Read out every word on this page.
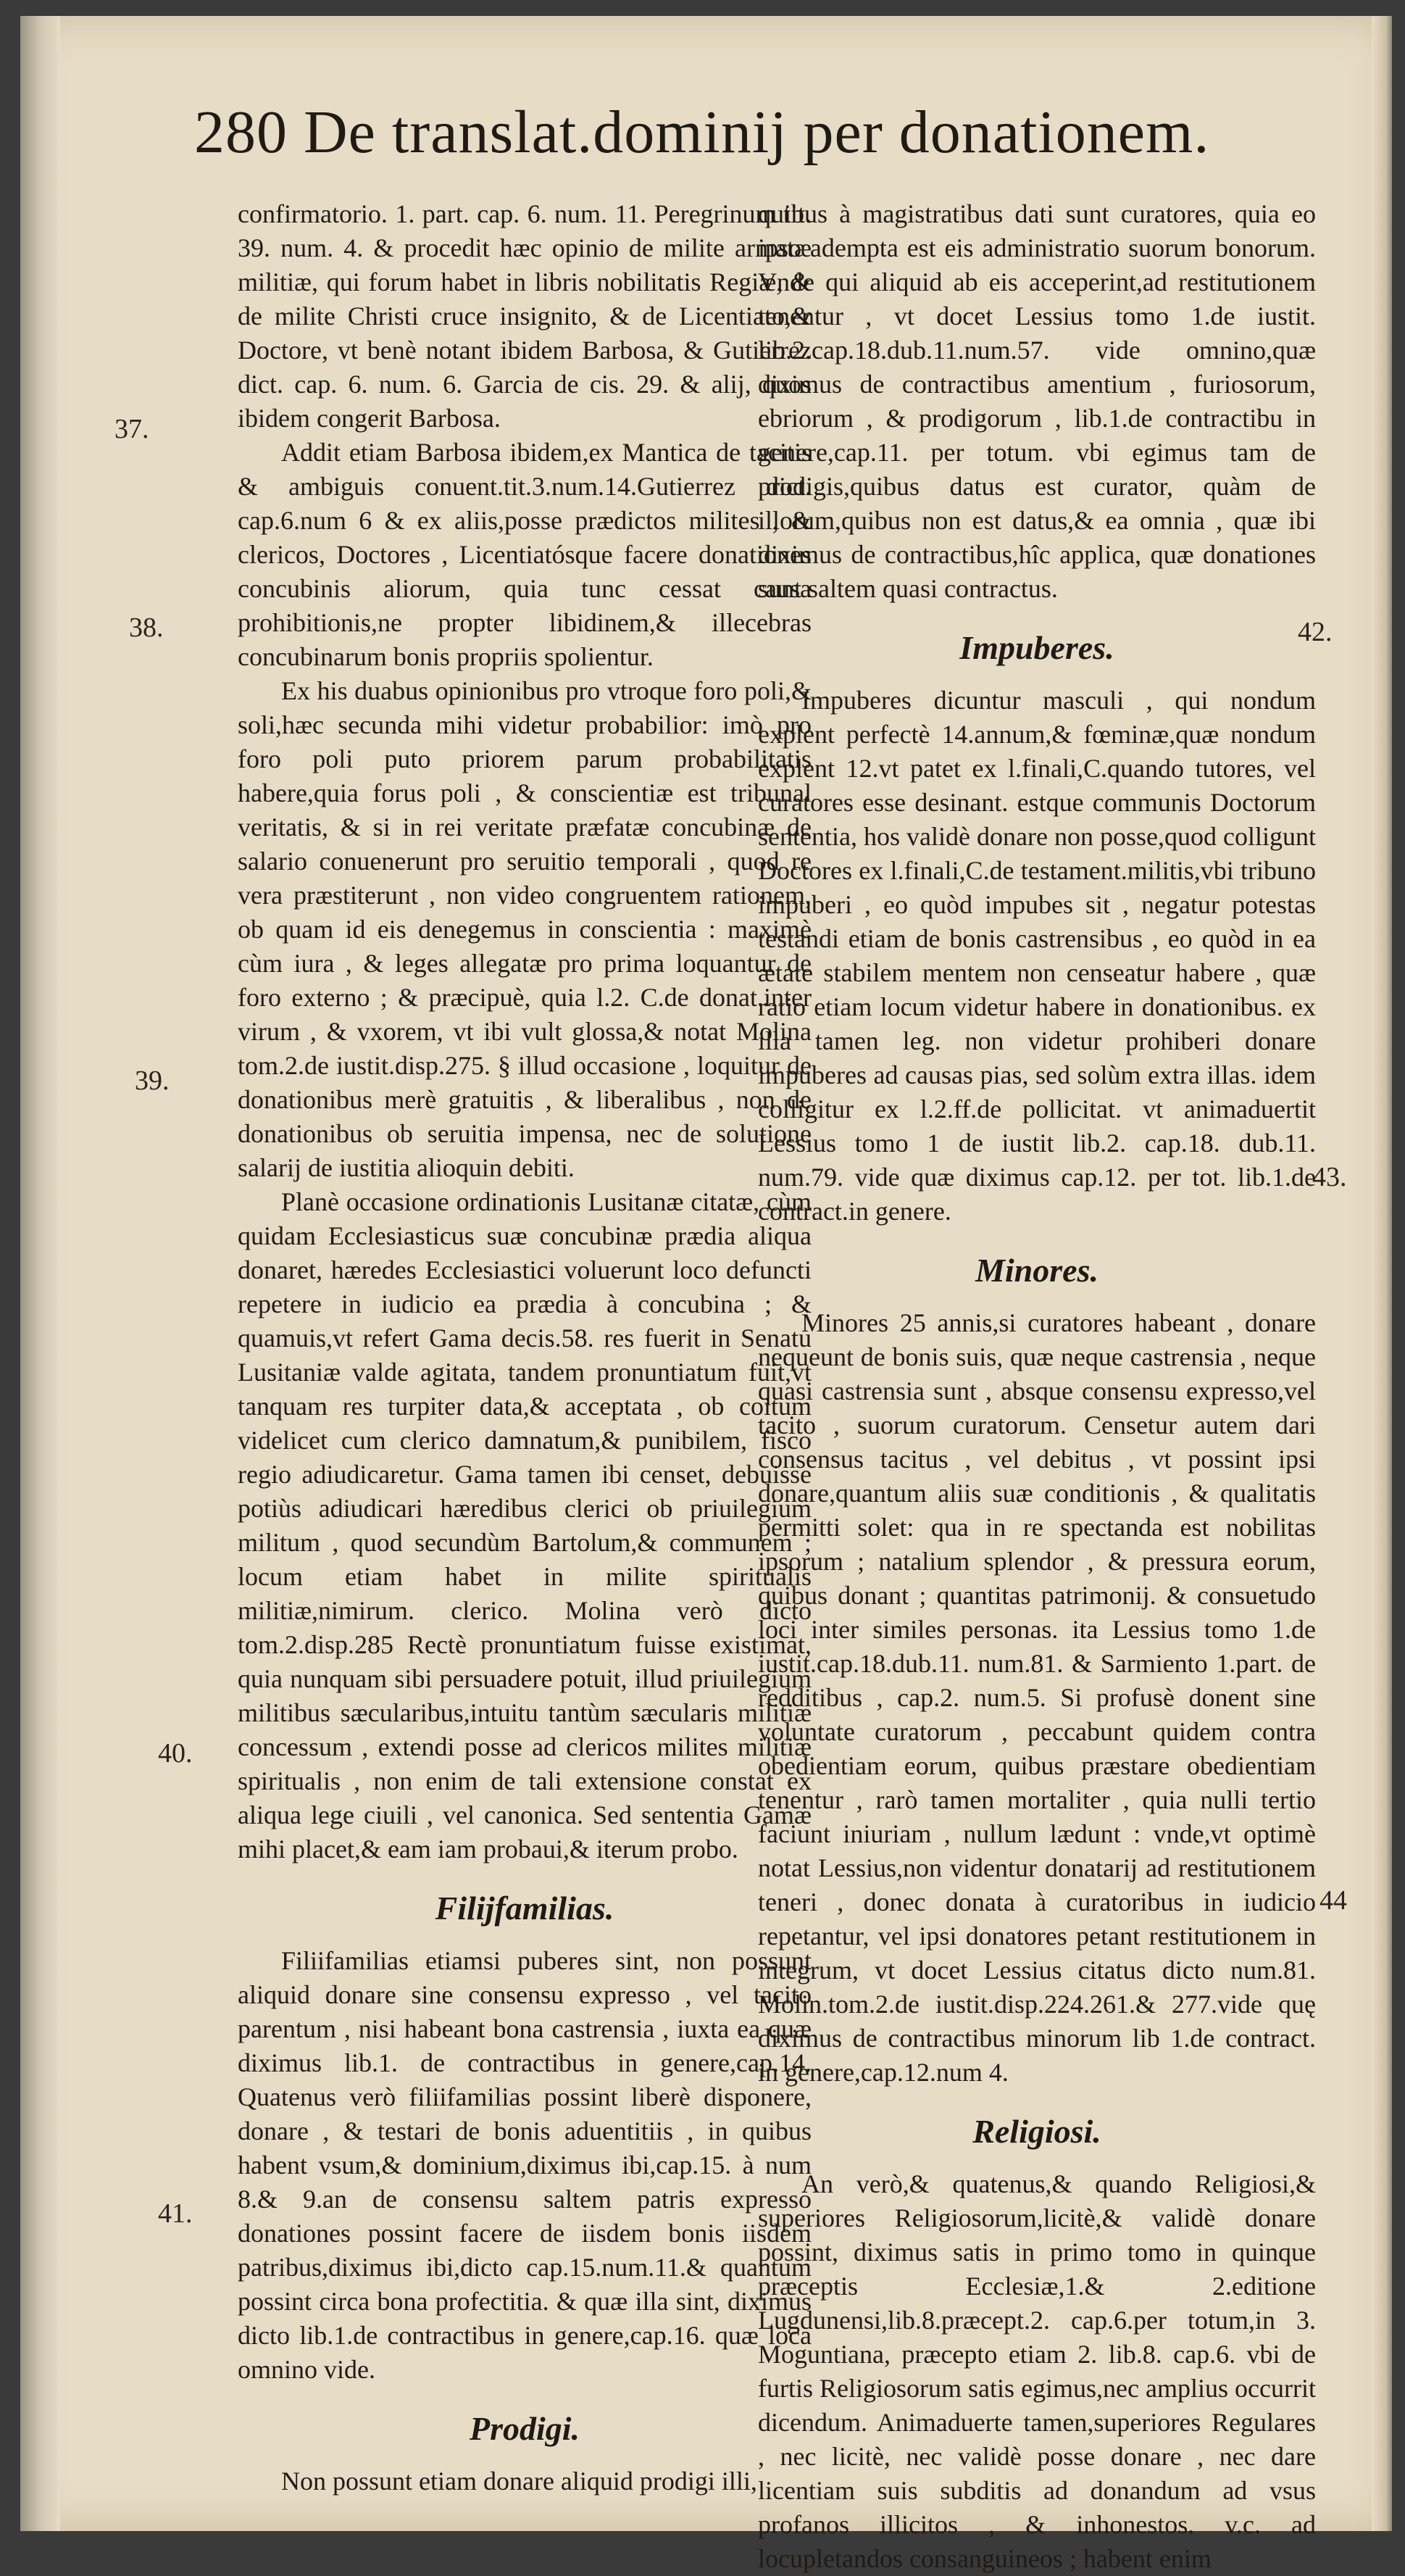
280 De translat.dominij per donationem.
37.
38.
39.
40.
41.
42.
43.
44

confirmatorio. 1. part. cap. 6. num. 11. Peregrinum tit. 39. num. 4. & procedit hæc opinio de milite armatæ militiæ, qui forum habet in libris nobilitatis Regiæ, & de milite Christi cruce insignito, & de Licentiato,& Doctore, vt benè notant ibidem Barbosa, & Gutierrez dict. cap. 6. num. 6. Garcia de cis. 29. & alij, quos ibidem congerit Barbosa.

Addit etiam Barbosa ibidem,ex Mantica de tacitis & ambiguis conuent.tit.3.num.14.Gutierrez dict. cap.6.num 6 & ex aliis,posse prædictos milites , & clericos, Doctores , Licentiatósque facere donationes concubinis aliorum, quia tunc cessat causa prohibitionis,ne propter libidinem,& illecebras concubinarum bonis propriis spolientur.

Ex his duabus opinionibus pro vtroque foro poli,& soli,hæc secunda mihi videtur probabilior: imò pro foro poli puto priorem parum probabilitatis habere,quia forus poli , & conscientiæ est tribunal veritatis, & si in rei veritate præfatæ concubinæ de salario conuenerunt pro seruitio temporali , quod re vera præstiterunt , non video congruentem rationem, ob quam id eis denegemus in conscientia : maximè cùm iura , & leges allegatæ pro prima loquantur de foro externo ; & præcipuè, quia l.2. C.de donat.inter virum , & vxorem, vt ibi vult glossa,& notat Molina tom.2.de iustit.disp.275. § illud occasione , loquitur de donationibus merè gratuitis , & liberalibus , non de donationibus ob seruitia impensa, nec de solutione salarij de iustitia alioquin debiti.

Planè occasione ordinationis Lusitanæ citatæ, cùm quidam Ecclesiasticus suæ concubinæ prædia aliqua donaret, hæredes Ecclesiastici voluerunt loco defuncti repetere in iudicio ea prædia à concubina ; & quamuis,vt refert Gama decis.58. res fuerit in Senatu Lusitaniæ valde agitata, tandem pronuntiatum fuit,vt tanquam res turpiter data,& acceptata , ob coitum videlicet cum clerico damnatum,& punibilem, fisco regio adiudicaretur. Gama tamen ibi censet, debuisse potiùs adiudicari hæredibus clerici ob priuilegium militum , quod secundùm Bartolum,& communem ; locum etiam habet in milite spiritualis militiæ,nimirum. clerico. Molina verò dicto tom.2.disp.285 Rectè pronuntiatum fuisse existimat, quia nunquam sibi persuadere potuit, illud priuilegium militibus sæcularibus,intuitu tantùm sæcularis militiæ concessum , extendi posse ad clericos milites militiæ spiritualis , non enim de tali extensione constat ex aliqua lege ciuili , vel canonica. Sed sententia Gamæ mihi placet,& eam iam probaui,& iterum probo.

Filijfamilias.

Filiifamilias etiamsi puberes sint, non possunt aliquid donare sine consensu expresso , vel tacito parentum , nisi habeant bona castrensia , iuxta ea quæ diximus lib.1. de contractibus in genere,cap.14. Quatenus verò filiifamilias possint liberè disponere, donare , & testari de bonis aduentitiis , in quibus habent vsum,& dominium,diximus ibi,cap.15. à num 8.& 9.an de consensu saltem patris expresso donationes possint facere de iisdem bonis iisdem patribus,diximus ibi,dicto cap.15.num.11.& quantum possint circa bona profectitia. & quæ illa sint, diximus dicto lib.1.de contractibus in genere,cap.16. quæ loca omnino vide.

Prodigi.

Non possunt etiam donare aliquid prodigi illi,

quibus à magistratibus dati sunt curatores, quia eo ipso adempta est eis administratio suorum bonorum. Vnde qui aliquid ab eis acceperint,ad restitutionem tenentur , vt docet Lessius tomo 1.de iustit. lib.2.cap.18.dub.11.num.57. vide omnino,quæ diximus de contractibus amentium , furiosorum, ebriorum , & prodigorum , lib.1.de contractibu in genere,cap.11. per totum. vbi egimus tam de prodigis,quibus datus est curator, quàm de illorum,quibus non est datus,& ea omnia , quæ ibi diximus de contractibus,hîc applica, quæ donationes sunt saltem quasi contractus.

Impuberes.

Impuberes dicuntur masculi , qui nondum explent perfectè 14.annum,& fœminæ,quæ nondum explent 12.vt patet ex l.finali,C.quando tutores, vel curatores esse desinant. estque communis Doctorum sententia, hos validè donare non posse,quod colligunt Doctores ex l.finali,C.de testament.militis,vbi tribuno impuberi , eo quòd impubes sit , negatur potestas testandi etiam de bonis castrensibus , eo quòd in ea ætate stabilem mentem non censeatur habere , quæ ratio etiam locum videtur habere in donationibus. ex illa tamen leg. non videtur prohiberi donare impuberes ad causas pias, sed solùm extra illas. idem colligitur ex l.2.ff.de pollicitat. vt animaduertit Lessius tomo 1 de iustit lib.2. cap.18. dub.11. num.79. vide quæ diximus cap.12. per tot. lib.1.de contract.in genere.

Minores.

Minores 25 annis,si curatores habeant , donare nequeunt de bonis suis, quæ neque castrensia , neque quasi castrensia sunt , absque consensu expresso,vel tacito , suorum curatorum. Censetur autem dari consensus tacitus , vel debitus , vt possint ipsi donare,quantum aliis suæ conditionis , & qualitatis permitti solet: qua in re spectanda est nobilitas ipsorum ; natalium splendor , & pressura eorum, quibus donant ; quantitas patrimonij. & consuetudo loci inter similes personas. ita Lessius tomo 1.de iustit.cap.18.dub.11. num.81. & Sarmiento 1.part. de redditibus , cap.2. num.5. Si profusè donent sine voluntate curatorum , peccabunt quidem contra obedientiam eorum, quibus præstare obedientiam tenentur , rarò tamen mortaliter , quia nulli tertio faciunt iniuriam , nullum lædunt : vnde,vt optimè notat Lessius,non videntur donatarij ad restitutionem teneri , donec donata à curatoribus in iudicio repetantur, vel ipsi donatores petant restitutionem in integrum, vt docet Lessius citatus dicto num.81. Molin.tom.2.de iustit.disp.224.261.& 277.vide quę diximus de contractibus minorum lib 1.de contract. in genere,cap.12.num 4.

Religiosi.

An verò,& quatenus,& quando Religiosi,& superiores Religiosorum,licitè,& validè donare possint, diximus satis in primo tomo in quinque præceptis Ecclesiæ,1.& 2.editione Lugdunensi,lib.8.præcept.2. cap.6.per totum,in 3. Moguntiana, præcepto etiam 2. lib.8. cap.6. vbi de furtis Religiosorum satis egimus,nec amplius occurrit dicendum. Animaduerte tamen,superiores Regulares , nec licitè, nec validè posse donare , nec dare licentiam suis subditis ad donandum ad vsus profanos illicitos , & inhonestos. v.c. ad locupletandos consanguineos ; habent enim
